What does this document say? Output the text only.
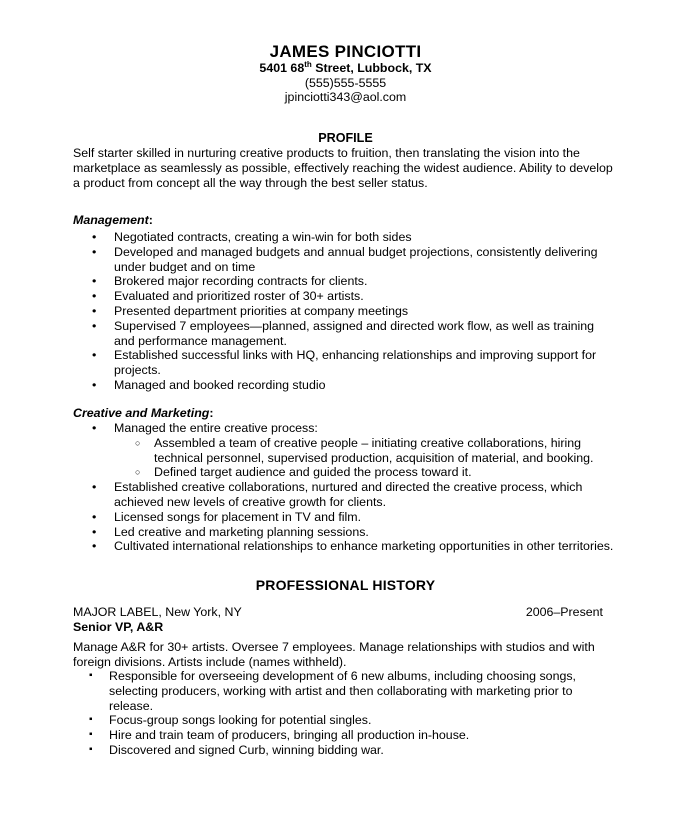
JAMES PINCIOTTI
5401 68th Street, Lubbock, TX
(555)555-5555
jpinciotti343@aol.com
PROFILE
Self starter skilled in nurturing creative products to fruition, then translating the vision into the marketplace as seamlessly as possible, effectively reaching the widest audience. Ability to develop a product from concept all the way through the best seller status.
Management:
• Negotiated contracts, creating a win-win for both sides
• Developed and managed budgets and annual budget projections, consistently delivering under budget and on time
• Brokered major recording contracts for clients.
• Evaluated and prioritized roster of 30+ artists.
• Presented department priorities at company meetings
• Supervised 7 employees—planned, assigned and directed work flow, as well as training and performance management.
• Established successful links with HQ, enhancing relationships and improving support for projects.
• Managed and booked recording studio
Creative and Marketing:
• Managed the entire creative process:
○ Assembled a team of creative people – initiating creative collaborations, hiring technical personnel, supervised production, acquisition of material, and booking.
○ Defined target audience and guided the process toward it.
• Established creative collaborations, nurtured and directed the creative process, which achieved new levels of creative growth for clients.
• Licensed songs for placement in TV and film.
• Led creative and marketing planning sessions.
• Cultivated international relationships to enhance marketing opportunities in other territories.
PROFESSIONAL HISTORY
MAJOR LABEL, New York, NY	2006–Present
Senior VP, A&R
Manage A&R for 30+ artists. Oversee 7 employees. Manage relationships with studios and with foreign divisions. Artists include (names withheld).
▪ Responsible for overseeing development of 6 new albums, including choosing songs, selecting producers, working with artist and then collaborating with marketing prior to release.
▪ Focus-group songs looking for potential singles.
▪ Hire and train team of producers, bringing all production in-house.
▪ Discovered and signed Curb, winning bidding war.
